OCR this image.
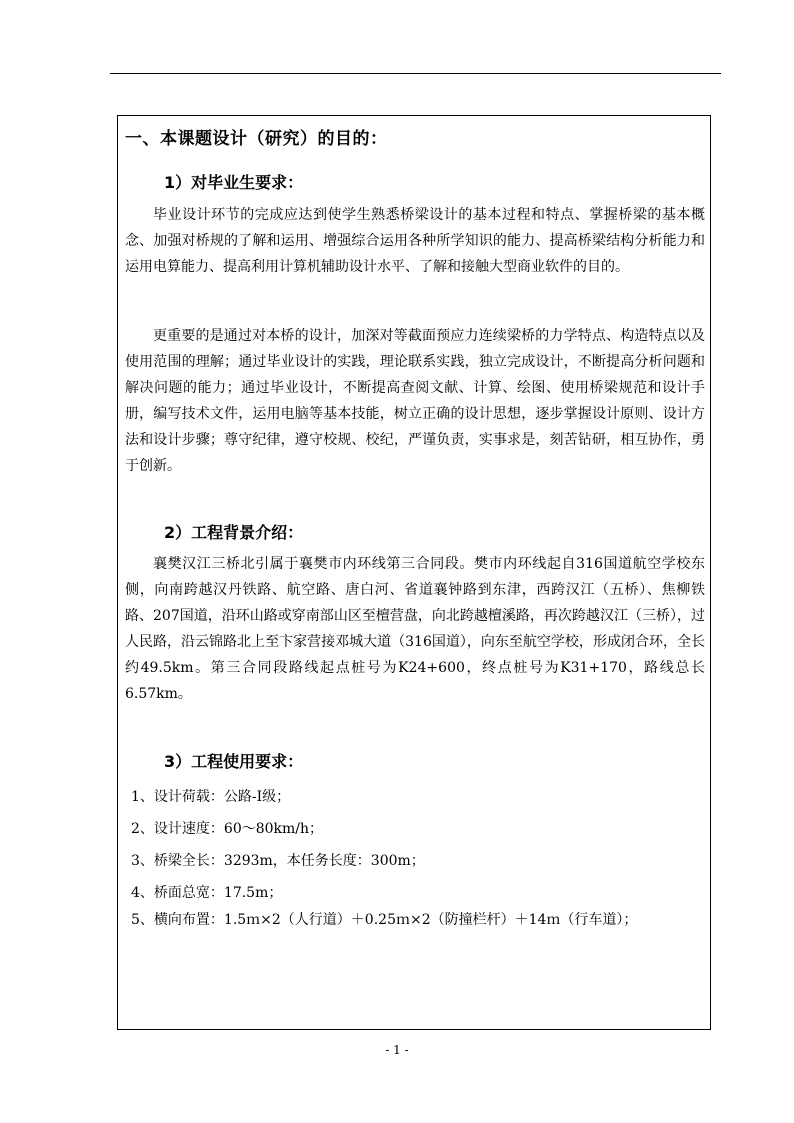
一、本课题设计（研究）的目的：
1）对毕业生要求：
毕业设计环节的完成应达到使学生熟悉桥梁设计的基本过程和特点、掌握桥梁的基本概念、加强对桥规的了解和运用、增强综合运用各种所学知识的能力、提高桥梁结构分析能力和运用电算能力、提高利用计算机辅助设计水平、了解和接触大型商业软件的目的。
更重要的是通过对本桥的设计，加深对等截面预应力连续梁桥的力学特点、构造特点以及使用范围的理解；通过毕业设计的实践，理论联系实践，独立完成设计，不断提高分析问题和解决问题的能力；通过毕业设计，不断提高查阅文献、计算、绘图、使用桥梁规范和设计手册，编写技术文件，运用电脑等基本技能，树立正确的设计思想，逐步掌握设计原则、设计方法和设计步骤；尊守纪律，遵守校规、校纪，严谨负责，实事求是，刻苦钻研，相互协作，勇于创新。
2）工程背景介绍：
襄樊汉江三桥北引属于襄樊市内环线第三合同段。樊市内环线起自316国道航空学校东侧，向南跨越汉丹铁路、航空路、唐白河、省道襄钟路到东津，西跨汉江（五桥）、焦柳铁路、207国道，沿环山路或穿南部山区至檀营盘，向北跨越檀溪路，再次跨越汉江（三桥），过人民路，沿云锦路北上至卞家营接邓城大道（316国道），向东至航空学校，形成闭合环，全长约49.5km。第三合同段路线起点桩号为K24+600，终点桩号为K31+170，路线总长6.57km。
3）工程使用要求：
1、设计荷载：公路-Ⅰ级；
2、设计速度：60～80km/h；
3、桥梁全长：3293m，本任务长度：300m；
4、桥面总宽：17.5m；
5、横向布置：1.5ｍ×2（人行道）＋0.25ｍ×2（防撞栏杆）＋14ｍ（行车道）；
- 1 -
